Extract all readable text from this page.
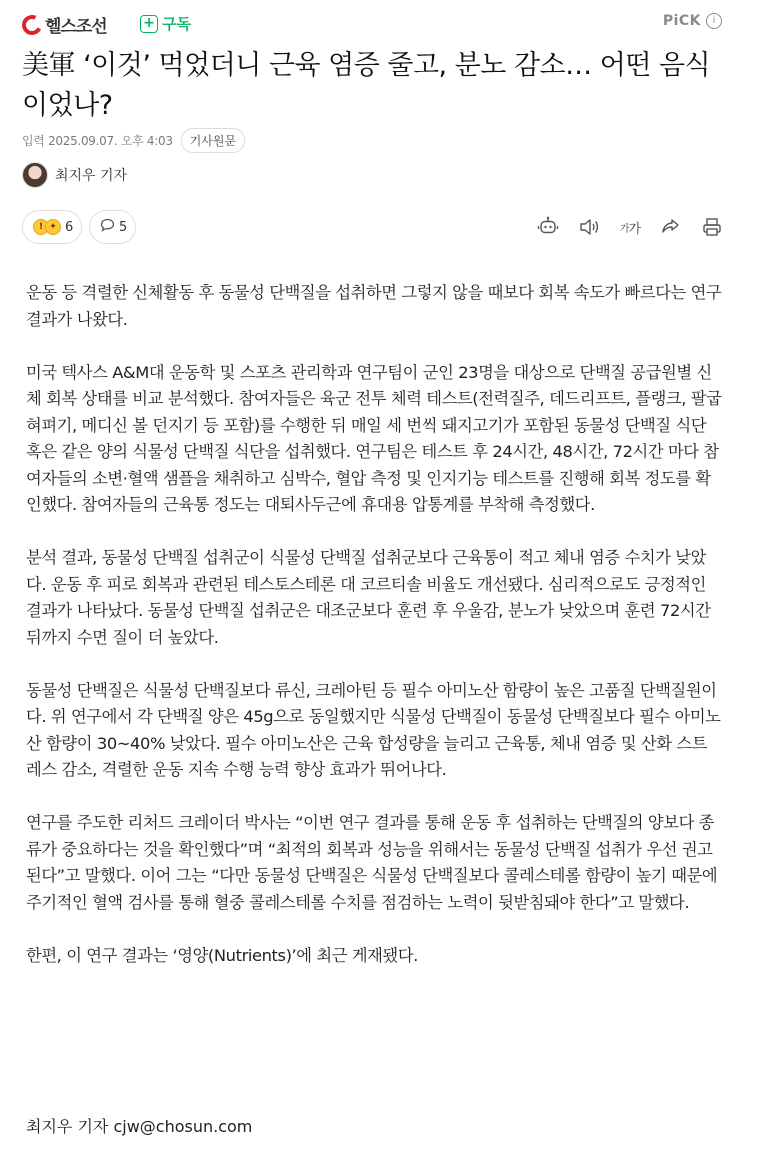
헬스조선	+ 구독	PiCK	i
美軍 ‘이것’ 먹었더니 근육 염증 줄고, 분노 감소… 어떤 음식이었나?
입력 2025.09.07. 오후 4:03	기사원문
최지우 기자
! ✦ 6	5	가 가

운동 등 격렬한 신체활동 후 동물성 단백질을 섭취하면 그렇지 않을 때보다 회복 속도가 빠르다는 연구 결과가 나왔다.

미국 텍사스 A&M대 운동학 및 스포츠 관리학과 연구팀이 군인 23명을 대상으로 단백질 공급원별 신체 회복 상태를 비교 분석했다. 참여자들은 육군 전투 체력 테스트(전력질주, 데드리프트, 플랭크, 팔굽혀펴기, 메디신 볼 던지기 등 포함)를 수행한 뒤 매일 세 번씩 돼지고기가 포함된 동물성 단백질 식단 혹은 같은 양의 식물성 단백질 식단을 섭취했다. 연구팀은 테스트 후 24시간, 48시간, 72시간 마다 참여자들의 소변·혈액 샘플을 채취하고 심박수, 혈압 측정 및 인지기능 테스트를 진행해 회복 정도를 확인했다. 참여자들의 근육통 정도는 대퇴사두근에 휴대용 압통계를 부착해 측정했다.

분석 결과, 동물성 단백질 섭취군이 식물성 단백질 섭취군보다 근육통이 적고 체내 염증 수치가 낮았다. 운동 후 피로 회복과 관련된 테스토스테론 대 코르티솔 비율도 개선됐다. 심리적으로도 긍정적인 결과가 나타났다. 동물성 단백질 섭취군은 대조군보다 훈련 후 우울감, 분노가 낮았으며 훈련 72시간 뒤까지 수면 질이 더 높았다.

동물성 단백질은 식물성 단백질보다 류신, 크레아틴 등 필수 아미노산 함량이 높은 고품질 단백질원이다. 위 연구에서 각 단백질 양은 45g으로 동일했지만 식물성 단백질이 동물성 단백질보다 필수 아미노산 함량이 30~40% 낮았다. 필수 아미노산은 근육 합성량을 늘리고 근육통, 체내 염증 및 산화 스트레스 감소, 격렬한 운동 지속 수행 능력 향상 효과가 뛰어나다.

연구를 주도한 리처드 크레이더 박사는 “이번 연구 결과를 통해 운동 후 섭취하는 단백질의 양보다 종류가 중요하다는 것을 확인했다”며 “최적의 회복과 성능을 위해서는 동물성 단백질 섭취가 우선 권고된다”고 말했다. 이어 그는 “다만 동물성 단백질은 식물성 단백질보다 콜레스테롤 함량이 높기 때문에 주기적인 혈액 검사를 통해 혈중 콜레스테롤 수치를 점검하는 노력이 뒷받침돼야 한다”고 말했다.

한편, 이 연구 결과는 ‘영양(Nutrients)’에 최근 게재됐다.

최지우 기자 cjw@chosun.com
